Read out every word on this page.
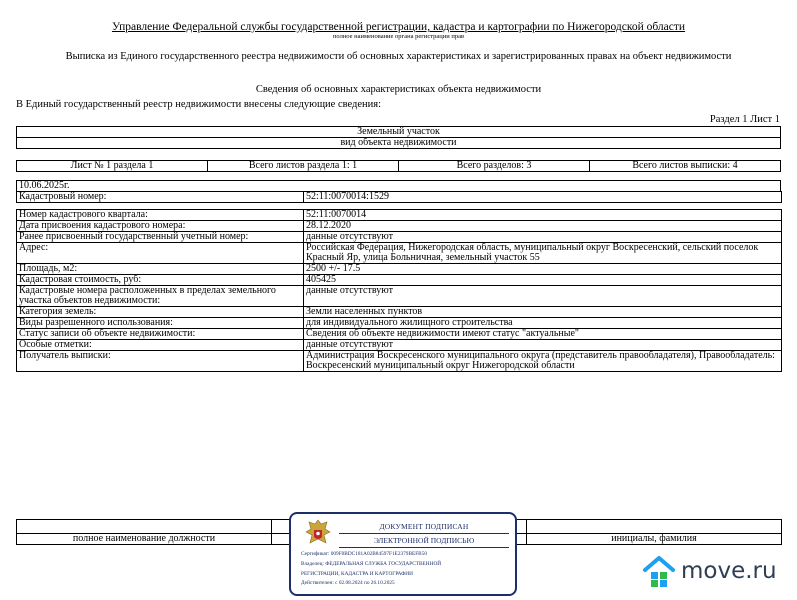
Управление Федеральной службы государственной регистрации, кадастра и картографии по Нижегородской области
полное наименование органа регистрации прав
Выписка из Единого государственного реестра недвижимости об основных характеристиках и зарегистрированных правах на объект недвижимости
Сведения об основных характеристиках объекта недвижимости
В Единый государственный реестр недвижимости внесены следующие сведения:
Раздел 1 Лист 1
Земельный участок
вид объекта недвижимости
Лист № 1 раздела 1	Всего листов раздела 1: 1	Всего разделов: 3	Всего листов выписки: 4
10.06.2025г.
Кадастровый номер:	52:11:0070014:1529
Номер кадастрового квартала:	52:11:0070014
Дата присвоения кадастрового номера:	28.12.2020
Ранее присвоенный государственный учетный номер:	данные отсутствуют
Адрес:	Российская Федерация, Нижегородская область, муниципальный округ Воскресенский, сельский поселок Красный Яр, улица Больничная, земельный участок 55
Площадь, м2:	2500 +/- 17.5
Кадастровая стоимость, руб:	405425
Кадастровые номера расположенных в пределах земельного участка объектов недвижимости:	данные отсутствуют
Категория земель:	Земли населенных пунктов
Виды разрешенного использования:	для индивидуального жилищного строительства
Статус записи об объекте недвижимости:	Сведения об объекте недвижимости имеют статус "актуальные"
Особые отметки:	данные отсутствуют
Получатель выписки:	Администрация Воскресенского муниципального округа (представитель правообладателя), Правообладатель: Воскресенский муниципальный округ Нижегородской области

полное наименование должности		инициалы, фамилия
ДОКУМЕНТ ПОДПИСАН
ЭЛЕКТРОННОЙ ПОДПИСЬЮ
Сертификат: 009F0BDC181A02B84597F1E2379BEFB50
Владелец: ФЕДЕРАЛЬНАЯ СЛУЖБА ГОСУДАРСТВЕННОЙ
РЕГИСТРАЦИИ, КАДАСТРА И КАРТОГРАФИИ
Действителен: с 02.08.2024 по 26.10.2025	move.ru
